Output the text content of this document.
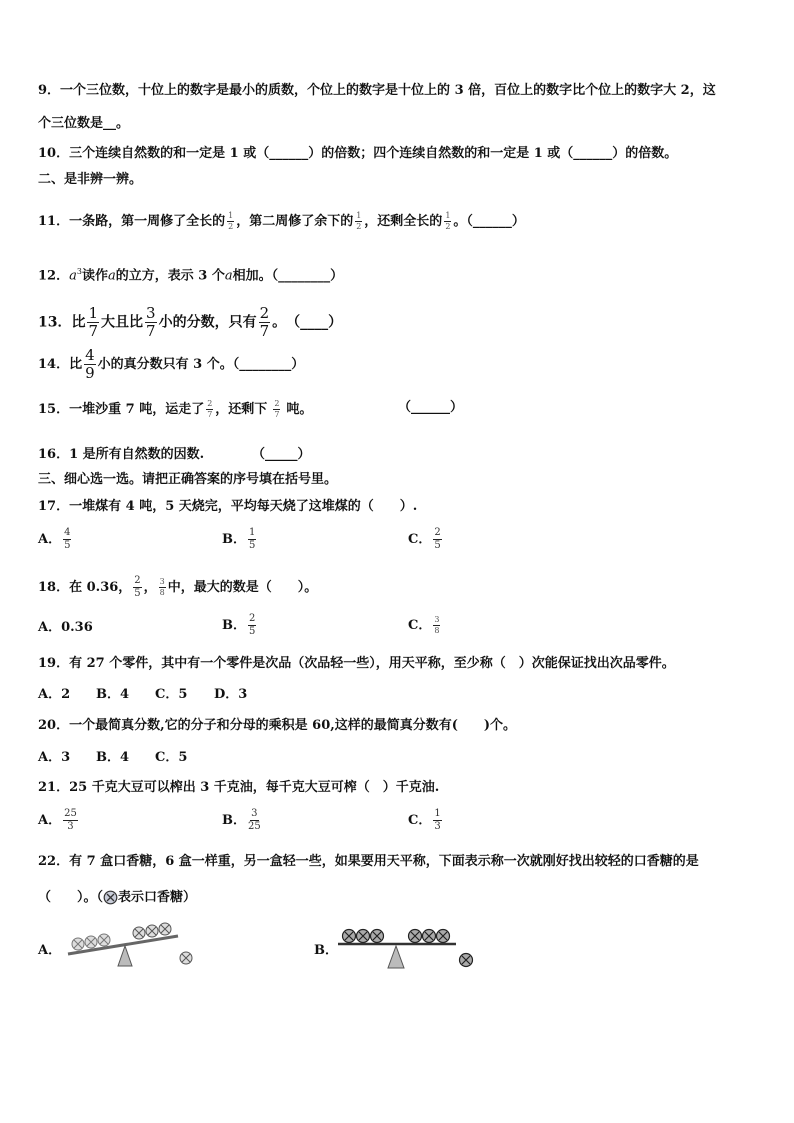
9．一个三位数，十位上的数字是最小的质数，个位上的数字是十位上的 3 倍，百位上的数字比个位上的数字大 2，这
个三位数是__。
10．三个连续自然数的和一定是 1 或（______）的倍数；四个连续自然数的和一定是 1 或（______）的倍数。
二、是非辨一辨。
11．一条路，第一周修了全长的 $\frac{1}{2}$ ，第二周修了余下的 $\frac{1}{2}$ ，还剩全长的 $\frac{1}{2}$ 。（______）
12．$a^3$读作a的立方，表示 3 个a相加。（________）
13．比 $\frac{1}{7}$ 大且比 $\frac{3}{7}$ 小的分数，只有 $\frac{2}{7}$ 。　（____）
14．比 $\frac{4}{9}$ 小的真分数只有 3 个。（________）
15．一堆沙重 7 吨，运走了 $\frac{2}{7}$ ，还剩下 $\frac{2}{7}$ 吨。	（______）
16．1 是所有自然数的因数.	（_____）
三、细心选一选。请把正确答案的序号填在括号里。
17．一堆煤有 4 吨，5 天烧完，平均每天烧了这堆煤的（　　）.
A． $\frac{4}{5}$	B． $\frac{1}{5}$	C． $\frac{2}{5}$
18．在 0.36， $\frac{2}{5}$ ， $\frac{3}{8}$ 中，最大的数是（　　）。
A．0.36	B． $\frac{2}{5}$	C． $\frac{3}{8}$
19．有 27 个零件，其中有一个零件是次品（次品轻一些），用天平称，至少称（　）次能保证找出次品零件。
A．2 B．4 C．5 D．3
20．一个最简真分数,它的分子和分母的乘积是 60,这样的最简真分数有(　　)个。
A．3 B．4 C．5
21．25 千克大豆可以榨出 3 千克油，每千克大豆可榨（　）千克油.
A． $\frac{25}{3}$	B． $\frac{3}{25}$	C． $\frac{1}{3}$
22．有 7 盒口香糖，6 盒一样重，另一盒轻一些，如果要用天平称，下面表示称一次就刚好找出较轻的口香糖的是
（　　）。（ 表示口香糖）
A．	B．
